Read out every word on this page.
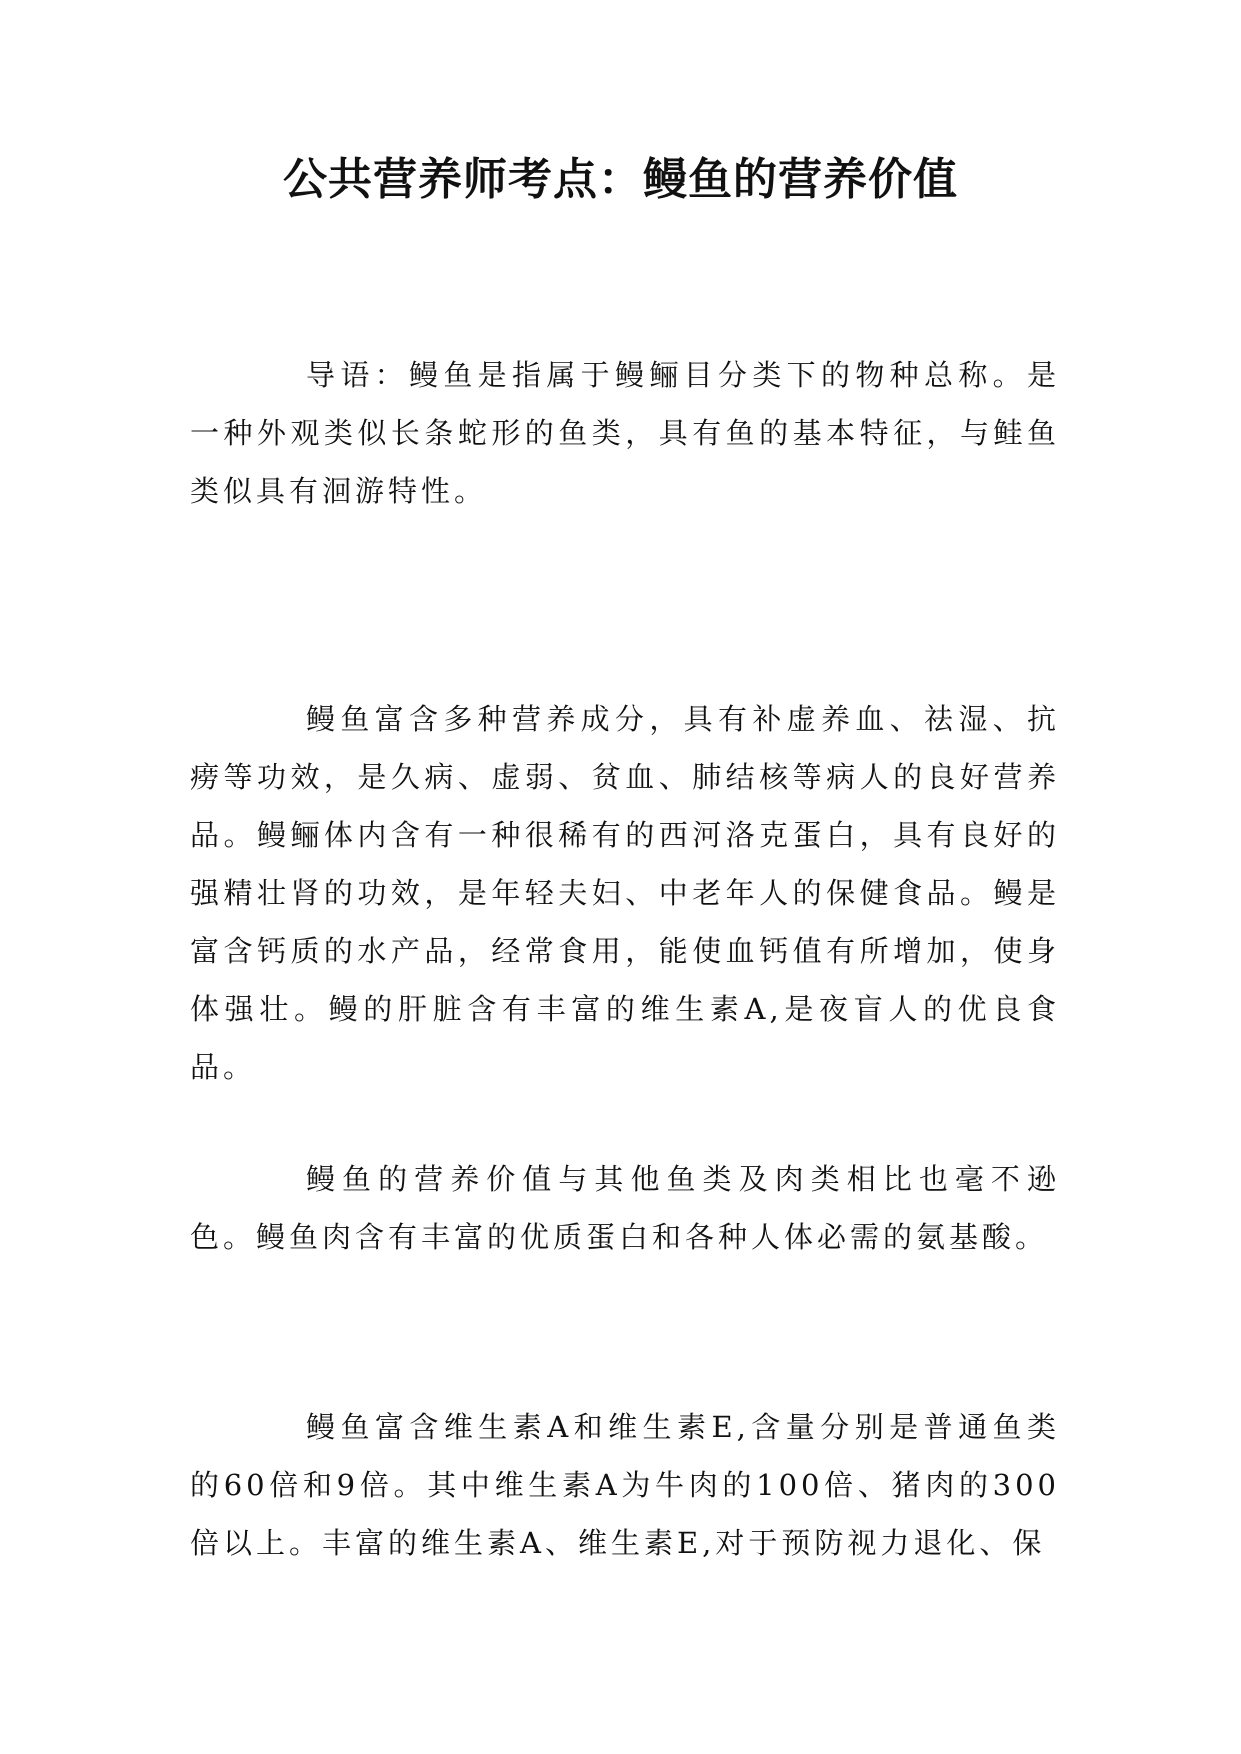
公共营养师考点：鳗鱼的营养价值

导语：鳗鱼是指属于鳗鲡目分类下的物种总称。是一种外观类似长条蛇形的鱼类，具有鱼的基本特征，与鲑鱼类似具有洄游特性。

鳗鱼富含多种营养成分，具有补虚养血、祛湿、抗痨等功效，是久病、虚弱、贫血、肺结核等病人的良好营养品。鳗鲡体内含有一种很稀有的西河洛克蛋白，具有良好的强精壮肾的功效，是年轻夫妇、中老年人的保健食品。鳗是富含钙质的水产品，经常食用，能使血钙值有所增加，使身体强壮。鳗的肝脏含有丰富的维生素A,是夜盲人的优良食品。

鳗鱼的营养价值与其他鱼类及肉类相比也毫不逊色。鳗鱼肉含有丰富的优质蛋白和各种人体必需的氨基酸。

鳗鱼富含维生素A和维生素E,含量分别是普通鱼类的60倍和9倍。其中维生素A为牛肉的100倍、猪肉的300倍以上。丰富的维生素A、维生素E,对于预防视力退化、保
